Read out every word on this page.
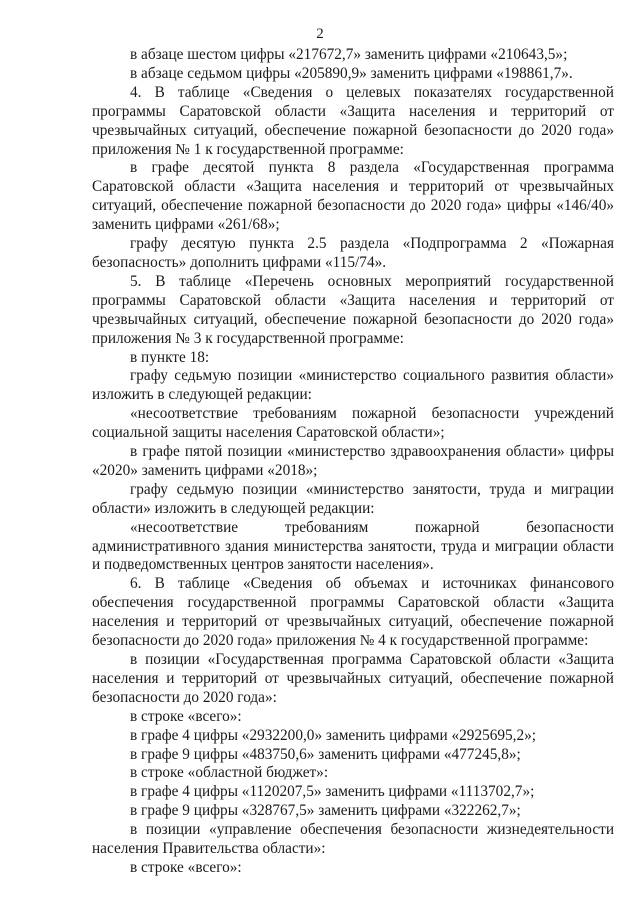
2

в абзаце шестом цифры «217672,7» заменить цифрами «210643,5»;

в абзаце седьмом цифры «205890,9» заменить цифрами «198861,7».

4. В таблице «Сведения о целевых показателях государственной программы Саратовской области «Защита населения и территорий от чрезвычайных ситуаций, обеспечение пожарной безопасности до 2020 года» приложения № 1 к государственной программе:

в графе десятой пункта 8 раздела «Государственная программа Саратовской области «Защита населения и территорий от чрезвычайных ситуаций, обеспечение пожарной безопасности до 2020 года» цифры «146/40» заменить цифрами «261/68»;

графу десятую пункта 2.5 раздела «Подпрограмма 2 «Пожарная безопасность» дополнить цифрами «115/74».

5. В таблице «Перечень основных мероприятий государственной программы Саратовской области «Защита населения и территорий от чрезвычайных ситуаций, обеспечение пожарной безопасности до 2020 года» приложения № 3 к государственной программе:

в пункте 18:

графу седьмую позиции «министерство социального развития области» изложить в следующей редакции:

«несоответствие требованиям пожарной безопасности учреждений социальной защиты населения Саратовской области»;

в графе пятой позиции «министерство здравоохранения области» цифры «2020» заменить цифрами «2018»;

графу седьмую позиции «министерство занятости, труда и миграции области» изложить в следующей редакции:

«несоответствие требованиям пожарной безопасности административного здания министерства занятости, труда и миграции области и подведомственных центров занятости населения».

6. В таблице «Сведения об объемах и источниках финансового обеспечения государственной программы Саратовской области «Защита населения и территорий от чрезвычайных ситуаций, обеспечение пожарной безопасности до 2020 года» приложения № 4 к государственной программе:

в позиции «Государственная программа Саратовской области «Защита населения и территорий от чрезвычайных ситуаций, обеспечение пожарной безопасности до 2020 года»:

в строке «всего»:

в графе 4 цифры «2932200,0» заменить цифрами «2925695,2»;

в графе 9 цифры «483750,6» заменить цифрами «477245,8»;

в строке «областной бюджет»:

в графе 4 цифры «1120207,5» заменить цифрами «1113702,7»;

в графе 9 цифры «328767,5» заменить цифрами «322262,7»;

в позиции «управление обеспечения безопасности жизнедеятельности населения Правительства области»:

в строке «всего»:
